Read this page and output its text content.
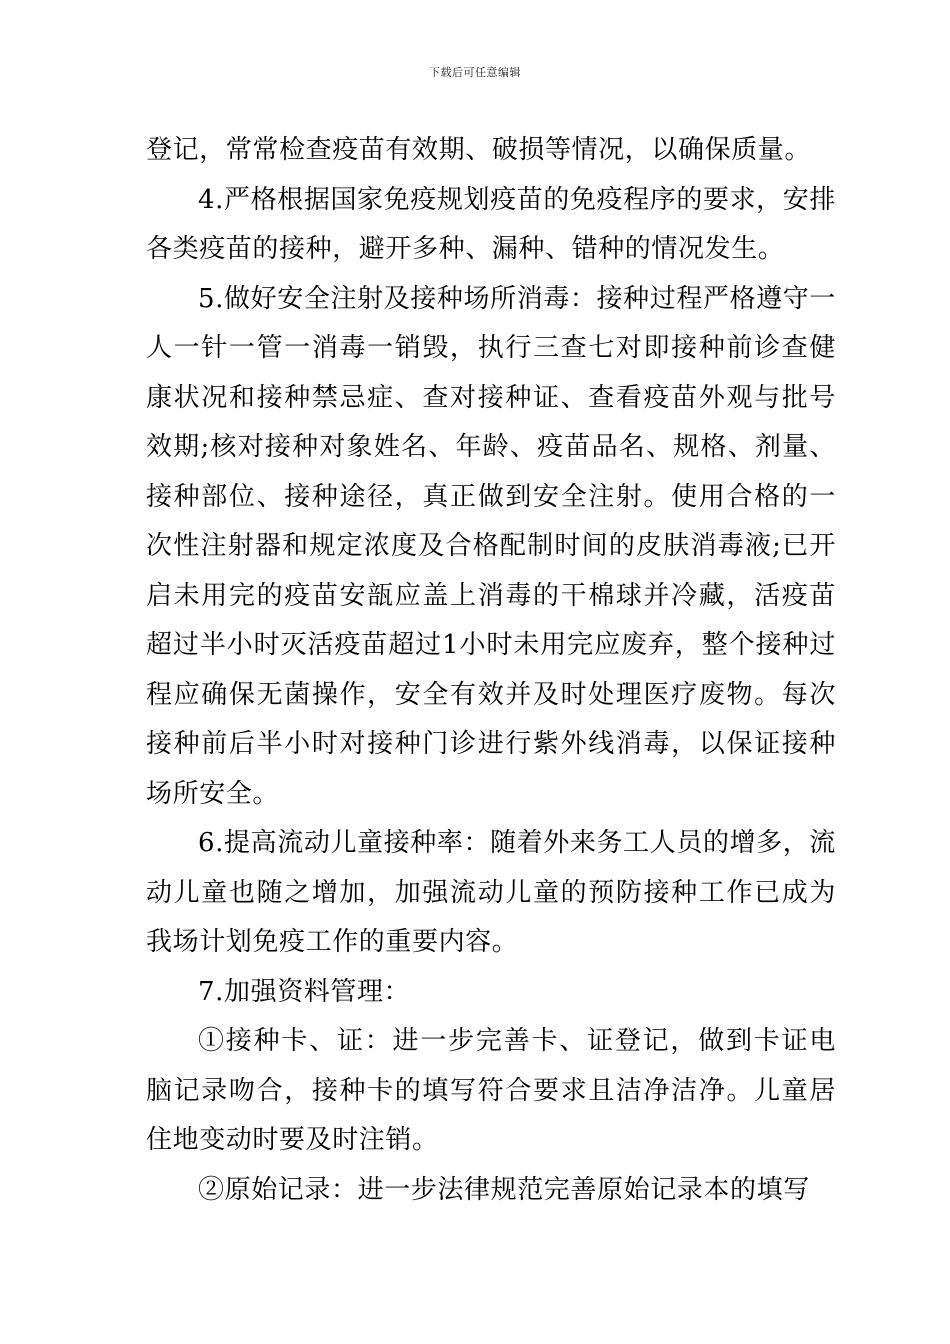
下载后可任意编辑

登记，常常检查疫苗有效期、破损等情况，以确保质量。

4.严格根据国家免疫规划疫苗的免疫程序的要求，安排各类疫苗的接种，避开多种、漏种、错种的情况发生。

5.做好安全注射及接种场所消毒：接种过程严格遵守一人一针一管一消毒一销毁，执行三查七对即接种前诊查健康状况和接种禁忌症、查对接种证、查看疫苗外观与批号效期;核对接种对象姓名、年龄、疫苗品名、规格、剂量、接种部位、接种途径，真正做到安全注射。使用合格的一次性注射器和规定浓度及合格配制时间的皮肤消毒液;已开启未用完的疫苗安瓿应盖上消毒的干棉球并冷藏，活疫苗超过半小时灭活疫苗超过1小时未用完应废弃，整个接种过程应确保无菌操作，安全有效并及时处理医疗废物。每次接种前后半小时对接种门诊进行紫外线消毒，以保证接种场所安全。

6.提高流动儿童接种率：随着外来务工人员的增多，流动儿童也随之增加，加强流动儿童的预防接种工作已成为我场计划免疫工作的重要内容。

7.加强资料管理：

①接种卡、证：进一步完善卡、证登记，做到卡证电脑记录吻合，接种卡的填写符合要求且洁净洁净。儿童居住地变动时要及时注销。

②原始记录：进一步法律规范完善原始记录本的填写
